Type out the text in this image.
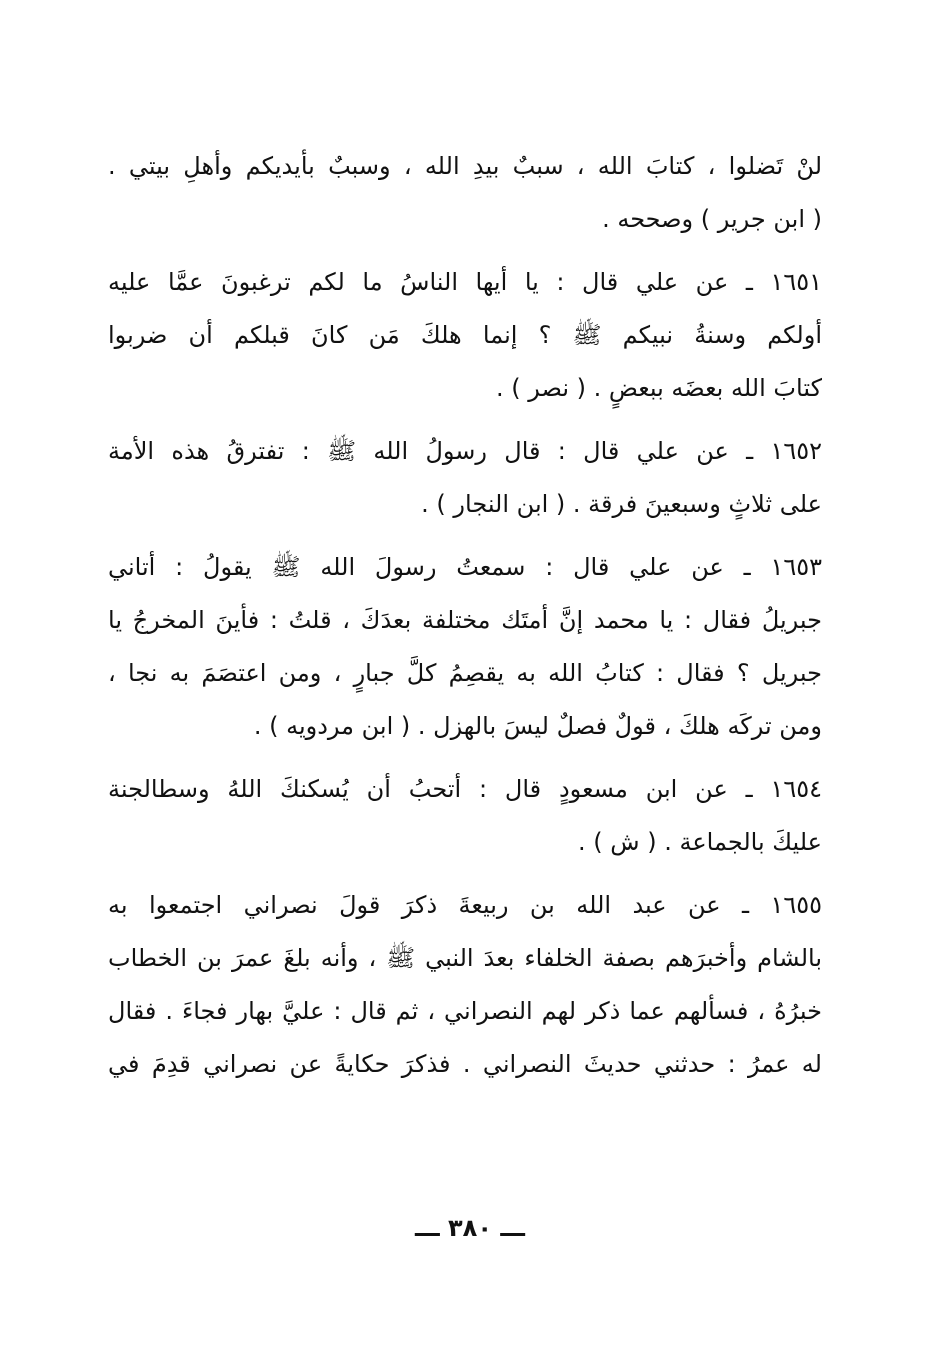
لنْ تَضلوا ، كتابَ الله ، سببٌ بيدِ الله ، وسببٌ بأيديكم وأهلِ بيتي .
( ابن جرير ) وصححه .
١٦٥١ ـ عن علي قال : يا أيها الناسُ ما لكم ترغبونَ عمَّا عليه
أولكم وسنةُ نبيكم ﷺ ؟ إنما هلكَ مَن كانَ قبلكم أن ضربوا
كتابَ الله بعضَه ببعضٍ . ( نصر ) .
١٦٥٢ ـ عن علي قال : قال رسولُ الله ﷺ : تفترقُ هذه الأمة
على ثلاثٍ وسبعينَ فرقة . ( ابن النجار ) .
١٦٥٣ ـ عن علي قال : سمعتُ رسولَ الله ﷺ يقولُ : أتاني
جبريلُ فقال : يا محمد إنَّ أمتَك مختلفة بعدَكَ ، قلتُ : فأينَ المخرجُ يا
جبريل ؟ فقال : كتابُ الله به يقصِمُ كلَّ جبارٍ ، ومن اعتصَمَ به نجا ،
ومن تركَه هلكَ ، قولٌ فصلٌ ليسَ بالهزل . ( ابن مردويه ) .
١٦٥٤ ـ عن ابن مسعودٍ قال : أتحبُ أن يُسكنكَ اللهُ وسطالجنة
عليكَ بالجماعة . ( ش ) .
١٦٥٥ ـ عن عبد الله بن ربيعةَ ذكرَ قولَ نصراني اجتمعوا به
بالشام وأخبرَهم بصفة الخلفاء بعدَ النبي ﷺ ، وأنه بلغَ عمرَ بن الخطاب
خبرُهُ ، فسألهم عما ذكر لهم النصراني ، ثم قال : عليَّ بهار فجاءَ . فقال
له عمرُ : حدثني حديثَ النصراني . فذكرَ حكايةً عن نصراني قدِمَ في
ـــ ٣٨٠ ـــ
